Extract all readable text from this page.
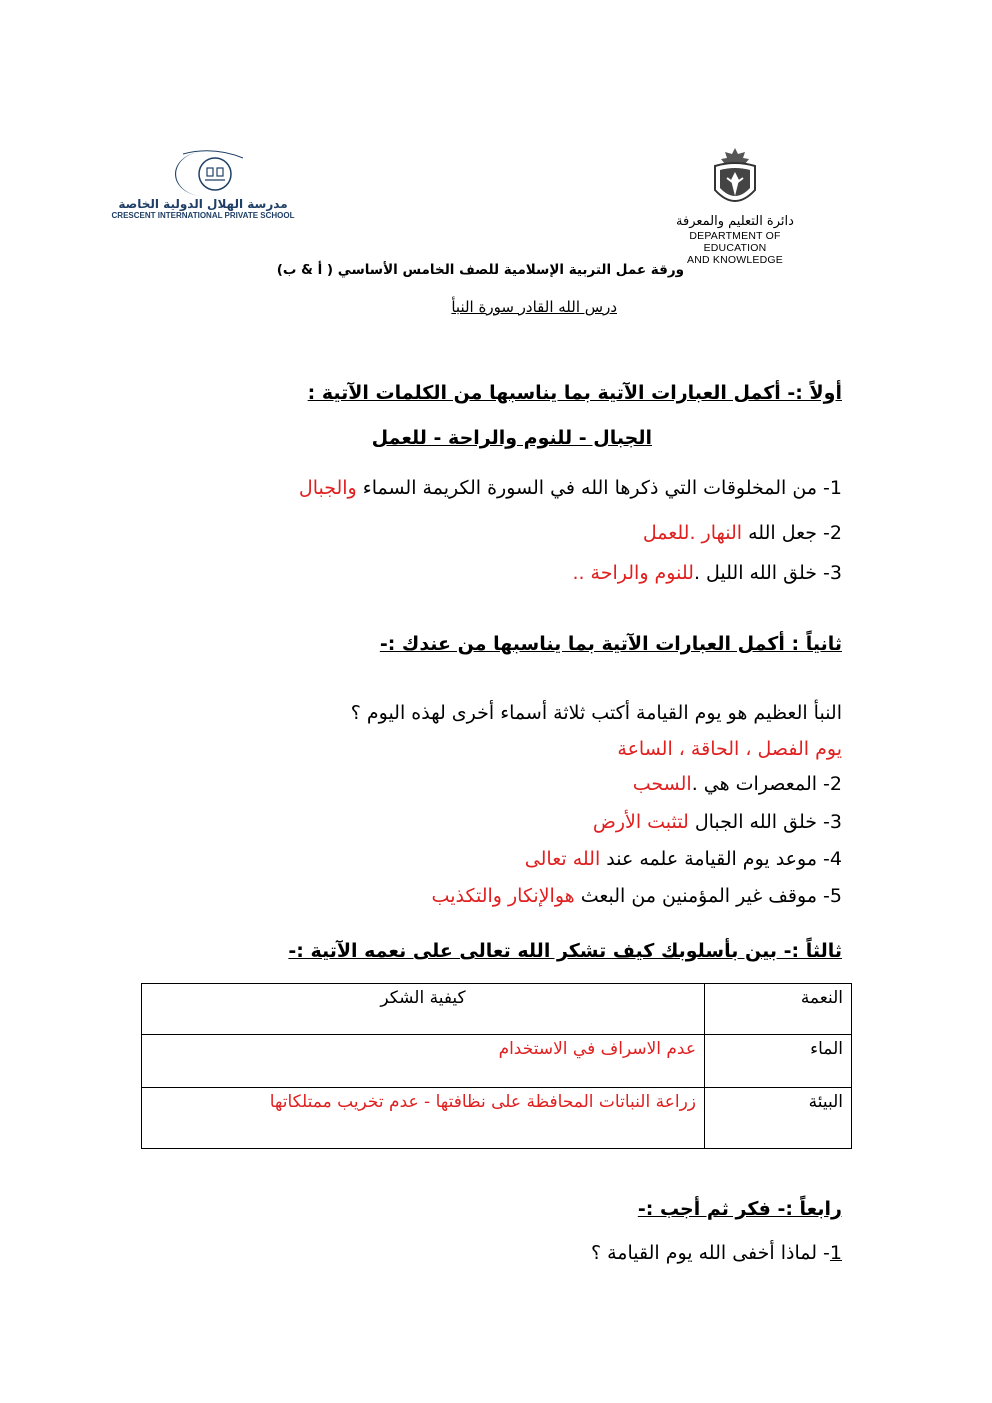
دائرة التعليم والمعرفة
DEPARTMENT OF EDUCATION
AND KNOWLEDGE
مدرسة الهلال الدولية الخاصة
CRESCENT INTERNATIONAL PRIVATE SCHOOL
ورقة عمل التربية الإسلامية للصف الخامس الأساسي ( أ & ب)
درس الله القادر سورة النبأ
أولاً :- أكمل العبارات الآتية بما يناسبها من الكلمات الآتية :
الجبال - للنوم والراحة - للعمل
1- من المخلوقات التي ذكرها الله في السورة الكريمة السماء والجبال
2- جعل الله النهار .للعمل
3- خلق الله الليل .للنوم والراحة ..
ثانياً : أكمل العبارات الآتية بما يناسبها من عندك :-
النبأ العظيم هو يوم القيامة أكتب ثلاثة أسماء أخرى لهذه اليوم ؟
يوم الفصل ، الحاقة ، الساعة
2- المعصرات هي .السحب
3- خلق الله الجبال لتثبت الأرض
4- موعد يوم القيامة علمه عند الله تعالى
5- موقف غير المؤمنين من البعث هوالإنكار والتكذيب
ثالثاً :- بين بأسلوبك كيف تشكر الله تعالى على نعمه الآتية :-
النعمة	كيفية الشكر
الماء	عدم الاسراف في الاستخدام
البيئة	زراعة النباتات المحافظة على نظافتها - عدم تخريب ممتلكاتها
رابعاً :- فكر ثم أجب :-
1- لماذا أخفى الله يوم القيامة ؟
